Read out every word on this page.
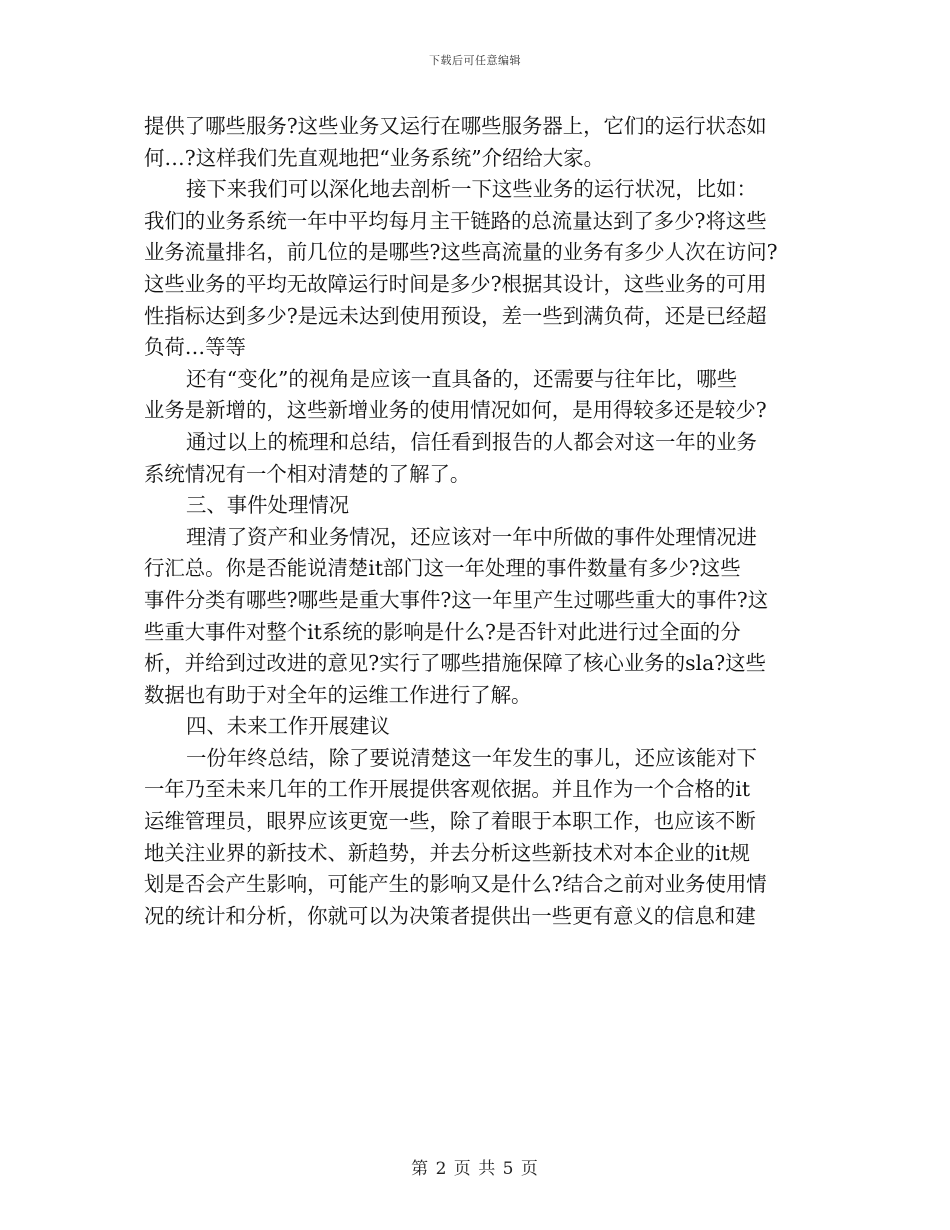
下载后可任意编辑
提供了哪些服务?这些业务又运行在哪些服务器上，它们的运行状态如
何…?这样我们先直观地把“业务系统”介绍给大家。
接下来我们可以深化地去剖析一下这些业务的运行状况，比如：
我们的业务系统一年中平均每月主干链路的总流量达到了多少?将这些
业务流量排名，前几位的是哪些?这些高流量的业务有多少人次在访问?
这些业务的平均无故障运行时间是多少?根据其设计，这些业务的可用
性指标达到多少?是远未达到使用预设，差一些到满负荷，还是已经超
负荷…等等
还有“变化”的视角是应该一直具备的，还需要与往年比，哪些
业务是新增的，这些新增业务的使用情况如何，是用得较多还是较少?
通过以上的梳理和总结，信任看到报告的人都会对这一年的业务
系统情况有一个相对清楚的了解了。
三、事件处理情况
理清了资产和业务情况，还应该对一年中所做的事件处理情况进
行汇总。你是否能说清楚it部门这一年处理的事件数量有多少?这些
事件分类有哪些?哪些是重大事件?这一年里产生过哪些重大的事件?这
些重大事件对整个it系统的影响是什么?是否针对此进行过全面的分
析，并给到过改进的意见?实行了哪些措施保障了核心业务的sla?这些
数据也有助于对全年的运维工作进行了解。
四、未来工作开展建议
一份年终总结，除了要说清楚这一年发生的事儿，还应该能对下
一年乃至未来几年的工作开展提供客观依据。并且作为一个合格的it
运维管理员，眼界应该更宽一些，除了着眼于本职工作，也应该不断
地关注业界的新技术、新趋势，并去分析这些新技术对本企业的it规
划是否会产生影响，可能产生的影响又是什么?结合之前对业务使用情
况的统计和分析，你就可以为决策者提供出一些更有意义的信息和建
第 2 页 共 5 页
